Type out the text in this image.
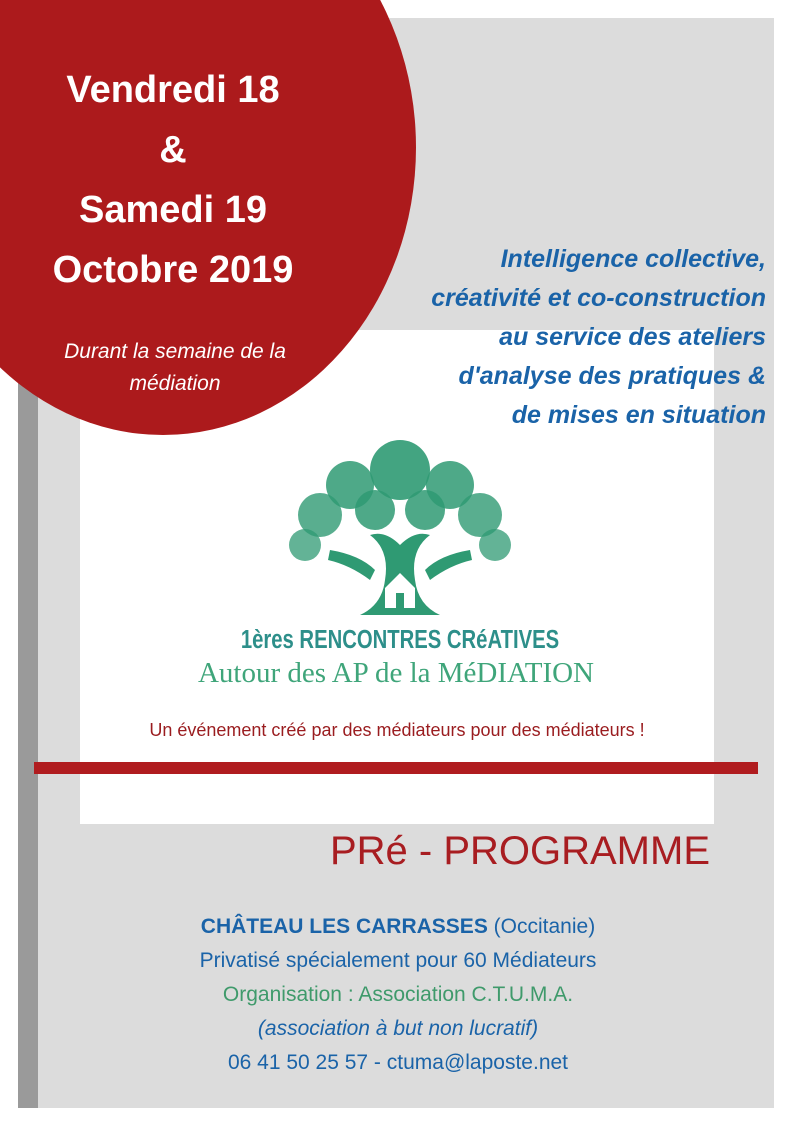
Vendredi 18
&
Samedi 19
Octobre 2019
Durant la semaine de la médiation
Intelligence collective,
créativité et co-construction
au service des ateliers
d'analyse des pratiques &
de mises en situation
1ères RENCONTRES CRéATIVES
Autour des AP de la MéDIATION
Un événement créé par des médiateurs pour des médiateurs !
PRé - PROGRAMME
CHÂTEAU LES CARRASSES (Occitanie)
Privatisé spécialement pour 60 Médiateurs
Organisation : Association C.T.U.M.A.
(association à but non lucratif)
06 41 50 25 57 - ctuma@laposte.net
